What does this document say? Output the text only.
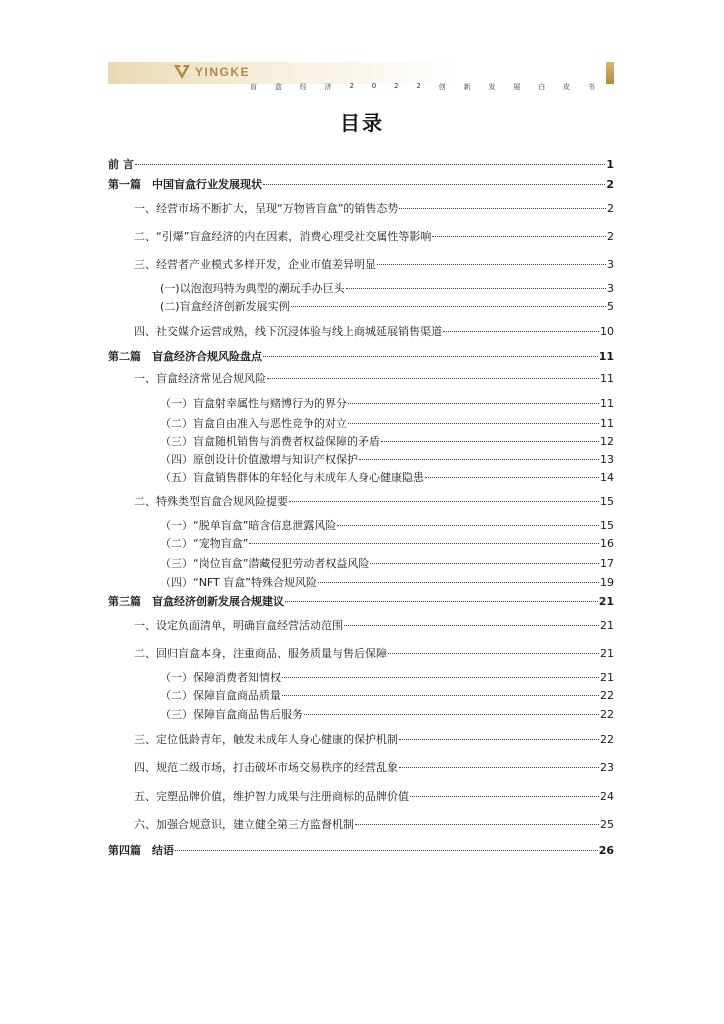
YINGKE
盲	盒	经	济	2	0	2	2	创	新	发	展	白	皮	书
目录
前 言	1
第一篇　中国盲盒行业发展现状	2
一、经营市场不断扩大，呈现“万物皆盲盒”的销售态势	2
二、“引爆”盲盒经济的内在因素，消费心理受社交属性等影响	2
三、经营者产业模式多样开发，企业市值差异明显	3
(一)以泡泡玛特为典型的潮玩手办巨头	3
(二)盲盒经济创新发展实例	5
四、社交媒介运营成熟，线下沉浸体验与线上商城延展销售渠道	10
第二篇　盲盒经济合规风险盘点	11
一、盲盒经济常见合规风险	11
（一）盲盒射幸属性与赌博行为的界分	11
（二）盲盒自由准入与恶性竞争的对立	11
（三）盲盒随机销售与消费者权益保障的矛盾	12
（四）原创设计价值激增与知识产权保护	13
（五）盲盒销售群体的年轻化与未成年人身心健康隐患	14
二、特殊类型盲盒合规风险提要	15
（一）“脱单盲盒”暗含信息泄露风险	15
（二）“宠物盲盒”	16
（三）“岗位盲盒”潜藏侵犯劳动者权益风险	17
（四）“NFT 盲盒”特殊合规风险	19
第三篇　盲盒经济创新发展合规建议	21
一、设定负面清单，明确盲盒经营活动范围	21
二、回归盲盒本身，注重商品、服务质量与售后保障	21
（一）保障消费者知情权	21
（二）保障盲盒商品质量	22
（三）保障盲盒商品售后服务	22
三、定位低龄青年，触发未成年人身心健康的保护机制	22
四、规范二级市场，打击破坏市场交易秩序的经营乱象	23
五、完塑品牌价值，维护智力成果与注册商标的品牌价值	24
六、加强合规意识，建立健全第三方监督机制	25
第四篇　结语	26
